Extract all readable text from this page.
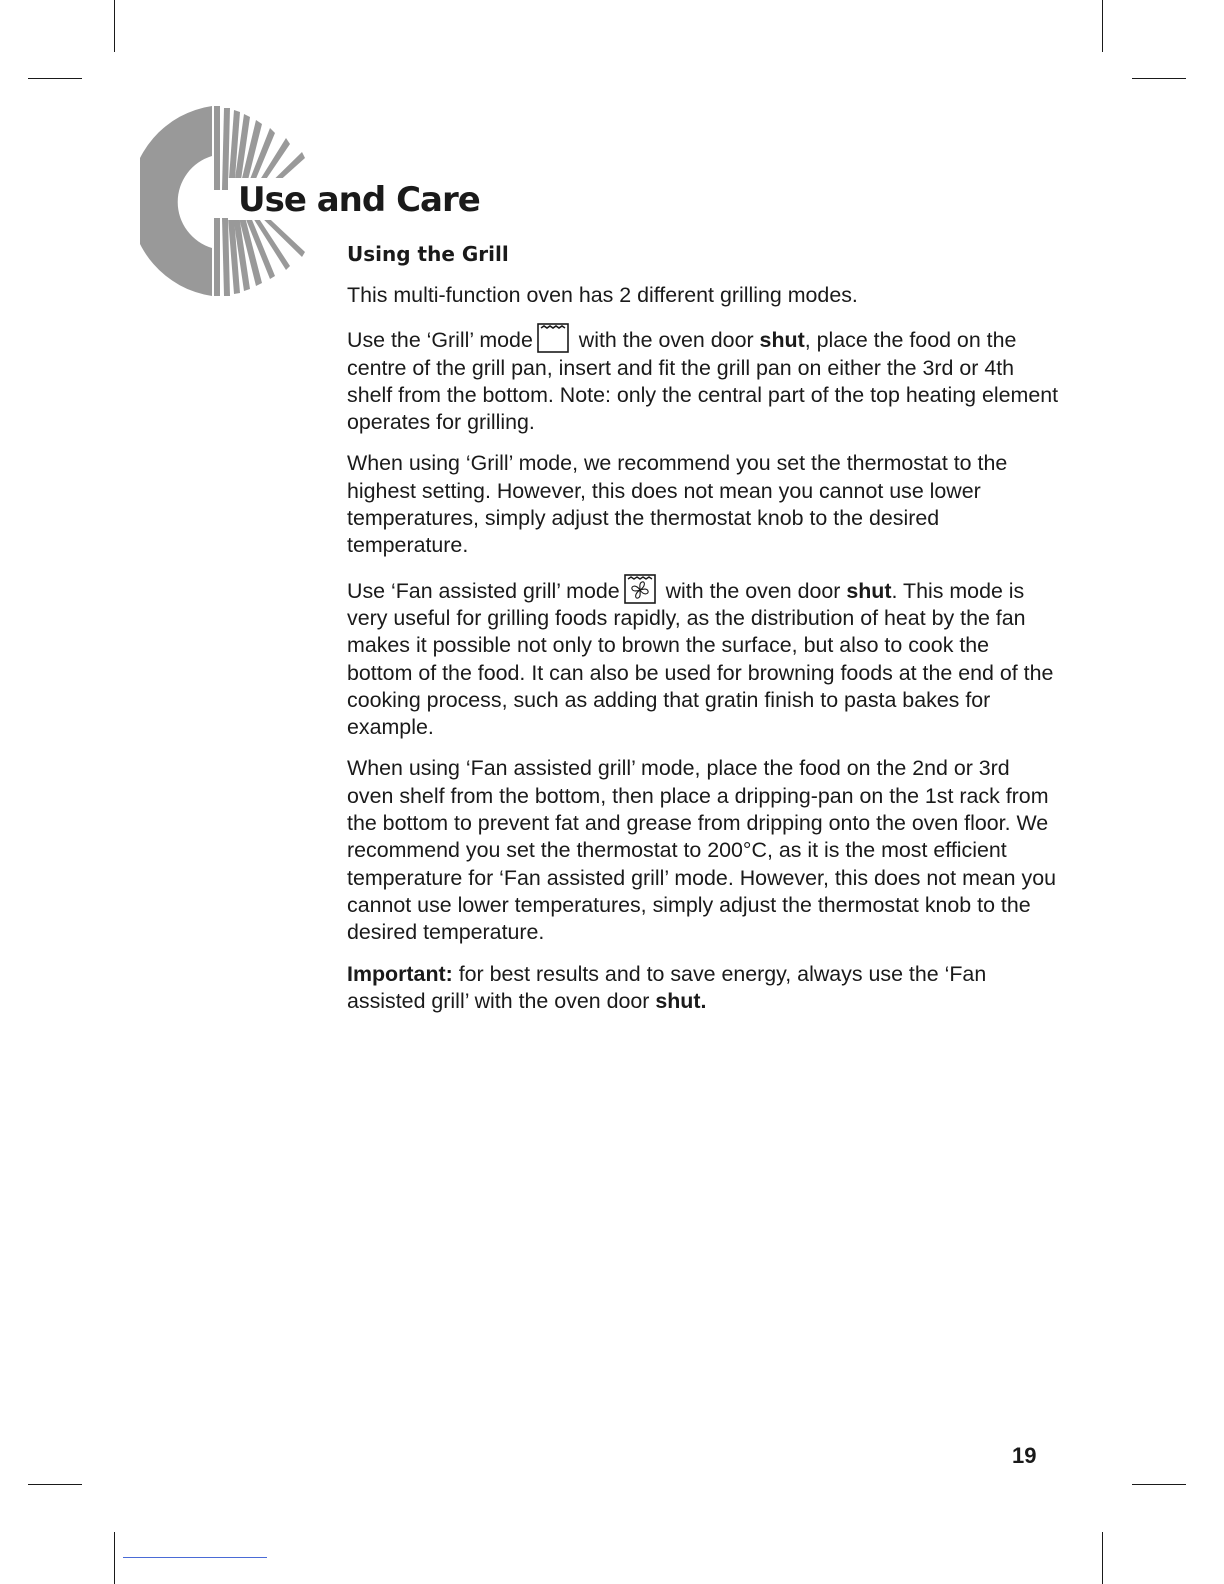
Use and Care
Using the Grill

This multi-function oven has 2 different grilling modes.

Use the ‘Grill’ mode with the oven door shut, place the food on the centre of the grill pan, insert and fit the grill pan on either the 3rd or 4th shelf from the bottom. Note: only the central part of the top heating element operates for grilling.

When using ‘Grill’ mode, we recommend you set the thermostat to the highest setting. However, this does not mean you cannot use lower temperatures, simply adjust the thermostat knob to the desired temperature.

Use ‘Fan assisted grill’ mode with the oven door shut. This mode is very useful for grilling foods rapidly, as the distribution of heat by the fan makes it possible not only to brown the surface, but also to cook the bottom of the food. It can also be used for browning foods at the end of the cooking process, such as adding that gratin finish to pasta bakes for example.

When using ‘Fan assisted grill’ mode, place the food on the 2nd or 3rd oven shelf from the bottom, then place a dripping-pan on the 1st rack from the bottom to prevent fat and grease from dripping onto the oven floor. We recommend you set the thermostat to 200°C, as it is the most efficient temperature for ‘Fan assisted grill’ mode. However, this does not mean you cannot use lower temperatures, simply adjust the thermostat knob to the desired temperature.

Important: for best results and to save energy, always use the ‘Fan assisted grill’ with the oven door shut.

19
